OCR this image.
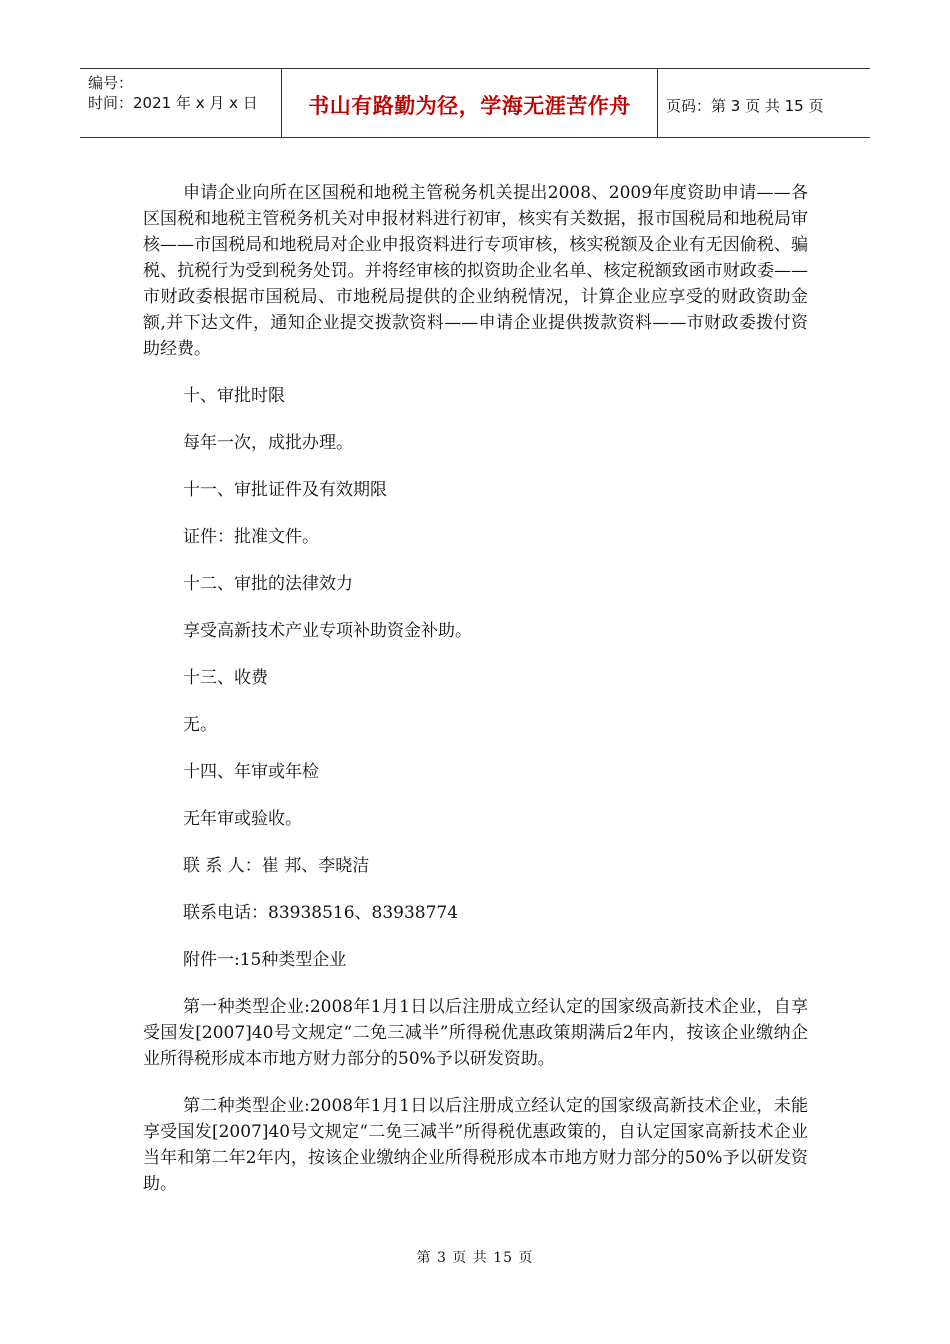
编号：
时间：2021 年 x 月 x 日	书山有路勤为径，学海无涯苦作舟	页码：第 3 页 共 15 页

申请企业向所在区国税和地税主管税务机关提出2008、2009年度资助申请——各区国税和地税主管税务机关对申报材料进行初审，核实有关数据，报市国税局和地税局审核——市国税局和地税局对企业申报资料进行专项审核，核实税额及企业有无因偷税、骗税、抗税行为受到税务处罚。并将经审核的拟资助企业名单、核定税额致函市财政委——市财政委根据市国税局、市地税局提供的企业纳税情况，计算企业应享受的财政资助金额,并下达文件，通知企业提交拨款资料——申请企业提供拨款资料——市财政委拨付资助经费。

十、审批时限

每年一次，成批办理。

十一、审批证件及有效期限

证件：批准文件。

十二、审批的法律效力

享受高新技术产业专项补助资金补助。

十三、收费

无。

十四、年审或年检

无年审或验收。

联 系 人：崔 邦、李晓洁

联系电话：83938516、83938774

附件一:15种类型企业

第一种类型企业:2008年1月1日以后注册成立经认定的国家级高新技术企业，自享受国发[2007]40号文规定“二免三减半”所得税优惠政策期满后2年内，按该企业缴纳企业所得税形成本市地方财力部分的50%予以研发资助。

第二种类型企业:2008年1月1日以后注册成立经认定的国家级高新技术企业，未能享受国发[2007]40号文规定“二免三减半”所得税优惠政策的，自认定国家高新技术企业当年和第二年2年内，按该企业缴纳企业所得税形成本市地方财力部分的50%予以研发资助。

第 3 页 共 15 页
